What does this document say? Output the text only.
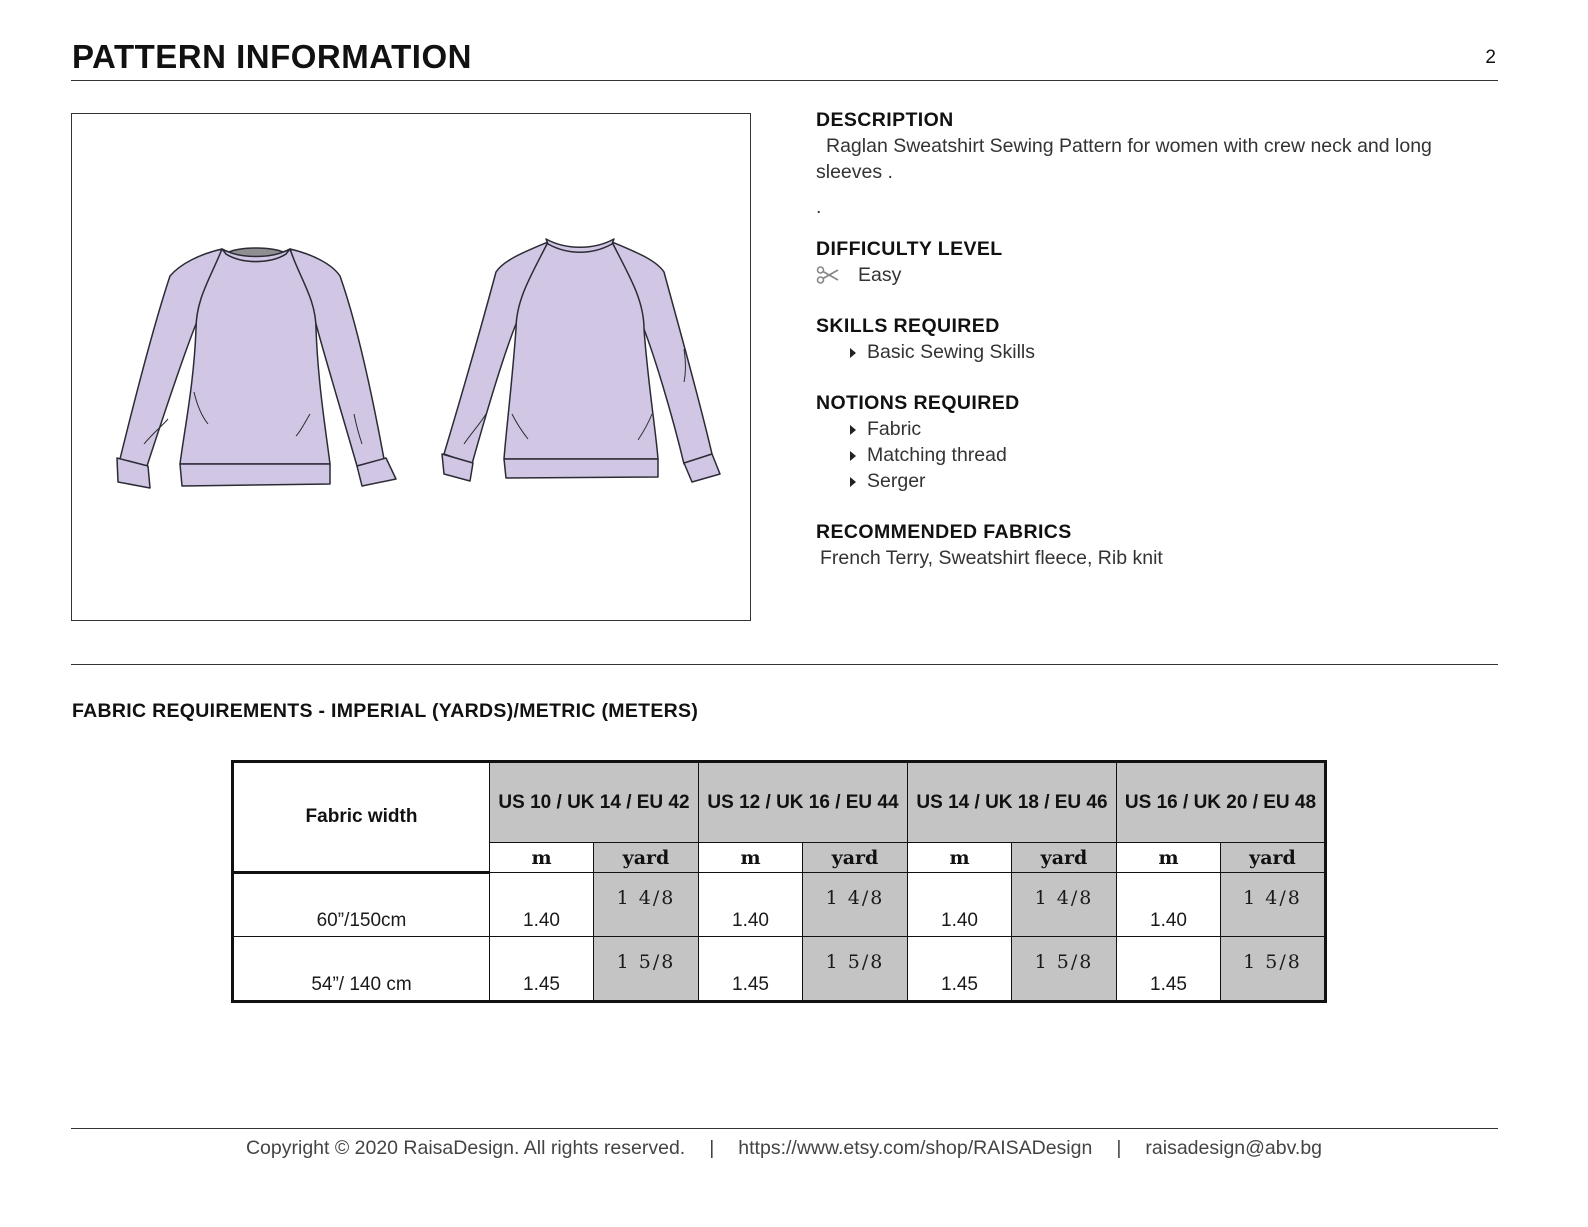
PATTERN INFORMATION	2
DESCRIPTION

Raglan Sweatshirt Sewing Pattern for women with crew neck and long sleeves .

.

DIFFICULTY LEVEL
Easy
SKILLS REQUIRED
Basic Sewing Skills
NOTIONS REQUIRED
Fabric
Matching thread
Serger
RECOMMENDED FABRICS

French Terry, Sweatshirt fleece, Rib knit

FABRIC REQUIREMENTS - IMPERIAL (YARDS)/METRIC (METERS)
Fabric width	US 10 / UK 14 / EU 42		US 12 / UK 16 / EU 44		US 14 / UK 18 / EU 46		US 16 / UK 20 / EU 48	
	m	yard	m	yard	m	yard	m	yard
60”/150cm	1.40	1 4/8	1.40	1 4/8	1.40	1 4/8	1.40	1 4/8
54”/ 140 cm	1.45	1 5/8	1.45	1 5/8	1.45	1 5/8	1.45	1 5/8
Copyright © 2020 RaisaDesign. All rights reserved. | https://www.etsy.com/shop/RAISADesign | raisadesign@abv.bg
